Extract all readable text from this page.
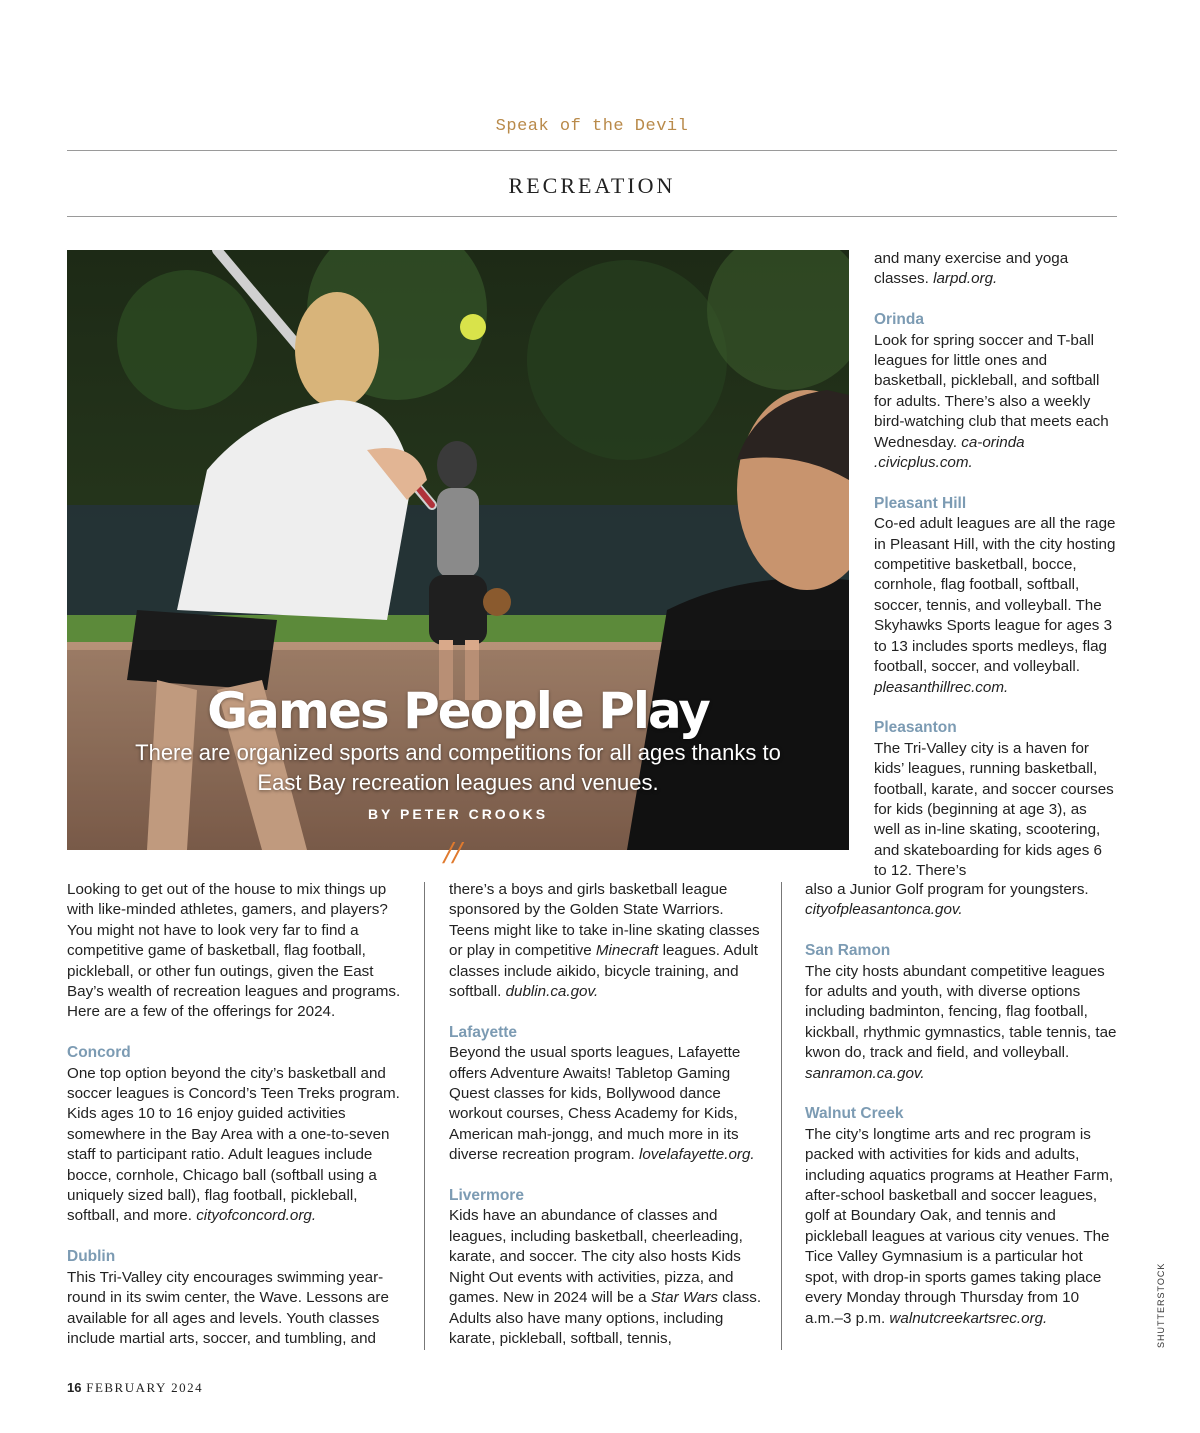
Speak of the Devil
RECREATION
Games People Play
There are organized sports and competitions for all ages thanks to East Bay recreation leagues and venues.
BY PETER CROOKS
//

Looking to get out of the house to mix things up with like-minded athletes, gamers, and players? You might not have to look very far to find a competitive game of basketball, flag football, pickleball, or other fun outings, given the East Bay’s wealth of recreation leagues and programs. Here are a few of the offerings for 2024.

Concord

One top option beyond the city’s basketball and soccer leagues is Concord’s Teen Treks program. Kids ages 10 to 16 enjoy guided activities somewhere in the Bay Area with a one-to-seven staff to participant ratio. Adult leagues include bocce, cornhole, Chicago ball (softball using a uniquely sized ball), flag football, pickleball, softball, and more. cityofconcord.org.

Dublin

This Tri-Valley city encourages swimming year-round in its swim center, the Wave. Lessons are available for all ages and levels. Youth classes include martial arts, soccer, and tumbling, and

there’s a boys and girls basketball league sponsored by the Golden State Warriors. Teens might like to take in-line skating classes or play in competitive Minecraft leagues. Adult classes include aikido, bicycle training, and softball. dublin.ca.gov.

Lafayette

Beyond the usual sports leagues, Lafayette offers Adventure Awaits! Tabletop Gaming Quest classes for kids, Bollywood dance workout courses, Chess Academy for Kids, American mah-jongg, and much more in its diverse recreation program. lovelafayette.org.

Livermore

Kids have an abundance of classes and leagues, including basketball, cheerleading, karate, and soccer. The city also hosts Kids Night Out events with activities, pizza, and games. New in 2024 will be a Star Wars class. Adults also have many options, including karate, pickleball, softball, tennis,

and many exercise and yoga classes. larpd.org.

Orinda

Look for spring soccer and T-ball leagues for little ones and basketball, pickleball, and softball for adults. There’s also a weekly bird-watching club that meets each Wednesday. ca-orinda .civicplus.com.

Pleasant Hill

Co-ed adult leagues are all the rage in Pleasant Hill, with the city hosting competitive basketball, bocce, cornhole, flag football, softball, soccer, tennis, and volleyball. The Skyhawks Sports league for ages 3 to 13 includes sports medleys, flag football, soccer, and volleyball. pleasanthillrec.com.

Pleasanton

The Tri-Valley city is a haven for kids’ leagues, running basketball, football, karate, and soccer courses for kids (beginning at age 3), as well as in-line skating, scootering, and skateboarding for kids ages 6 to 12. There’s

also a Junior Golf program for youngsters. cityofpleasantonca.gov.

San Ramon

The city hosts abundant competitive leagues for adults and youth, with diverse options including badminton, fencing, flag football, kickball, rhythmic gymnastics, table tennis, tae kwon do, track and field, and volleyball. sanramon.ca.gov.

Walnut Creek

The city’s longtime arts and rec program is packed with activities for kids and adults, including aquatics programs at Heather Farm, after-school basketball and soccer leagues, golf at Boundary Oak, and tennis and pickleball leagues at various city venues. The Tice Valley Gymnasium is a particular hot spot, with drop-in sports games taking place every Monday through Thursday from 10 a.m.–3 p.m. walnutcreekartsrec.org.

16 FEBRUARY 2024
SHUTTERSTOCK
